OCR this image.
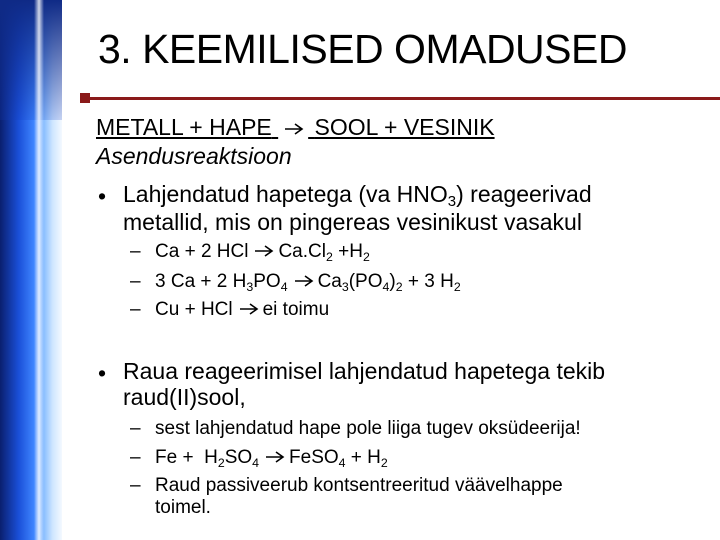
3. KEEMILISED OMADUSED
METALL + HAPE SOOL + VESINIK
Asendusreaktsioon
• Lahjendatud hapetega (va $HNO_3$) reageerivad
metallid, mis on pingereas vesinikust vasakul
– Ca + 2 HCl $Ca.Cl_2 +H_2$
– 3 Ca + 2 $H_3PO_4$ $Ca_3(PO_4)_2 + 3$ $H_2$
– Cu + HCl ei toimu
• Raua reageerimisel lahjendatud hapetega tekib
raud(II)sool,
– sest lahjendatud hape pole liiga tugev oksüdeerija!
– $Fe + H_2SO_4$ FeSO$_4$ + $H_2$
– Raud passiveerub kontsentreeritud väävelhappe
toimel.
